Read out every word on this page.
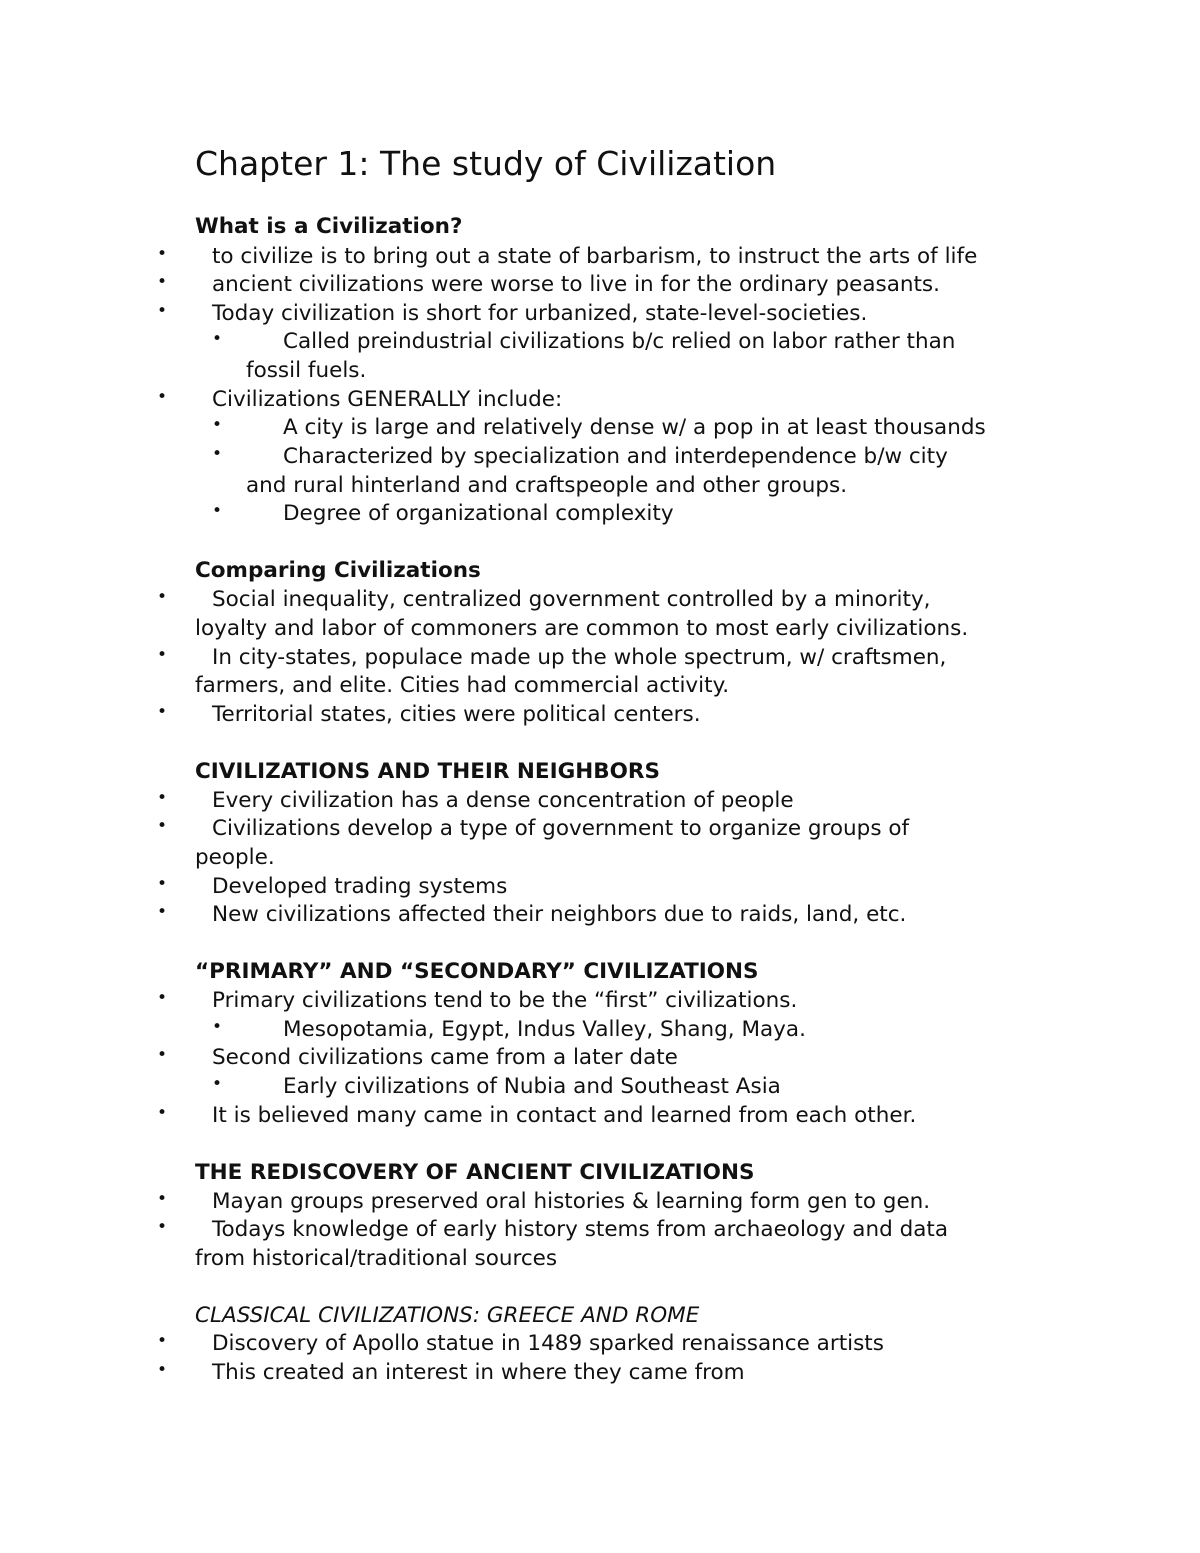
Chapter 1: The study of Civilization
What is a Civilization?
• to civilize is to bring out a state of barbarism, to instruct the arts of life
• ancient civilizations were worse to live in for the ordinary peasants.
• Today civilization is short for urbanized, state-level-societies.
•	Called preindustrial civilizations b/c relied on labor rather than
fossil fuels.
• Civilizations GENERALLY include:
•	A city is large and relatively dense w/ a pop in at least thousands
•	Characterized by specialization and interdependence b/w city
and rural hinterland and craftspeople and other groups.
•	Degree of organizational complexity
Comparing Civilizations
• Social inequality, centralized government controlled by a minority,
loyalty and labor of commoners are common to most early civilizations.
• In city-states, populace made up the whole spectrum, w/ craftsmen,
farmers, and elite. Cities had commercial activity.
• Territorial states, cities were political centers.
CIVILIZATIONS AND THEIR NEIGHBORS
• Every civilization has a dense concentration of people
• Civilizations develop a type of government to organize groups of
people.
• Developed trading systems
• New civilizations affected their neighbors due to raids, land, etc.
“PRIMARY” AND “SECONDARY” CIVILIZATIONS
• Primary civilizations tend to be the “first” civilizations.
•	Mesopotamia, Egypt, Indus Valley, Shang, Maya.
• Second civilizations came from a later date
•	Early civilizations of Nubia and Southeast Asia
• It is believed many came in contact and learned from each other.
THE REDISCOVERY OF ANCIENT CIVILIZATIONS
• Mayan groups preserved oral histories & learning form gen to gen.
• Todays knowledge of early history stems from archaeology and data
from historical/traditional sources
CLASSICAL CIVILIZATIONS: GREECE AND ROME
• Discovery of Apollo statue in 1489 sparked renaissance artists
• This created an interest in where they came from
